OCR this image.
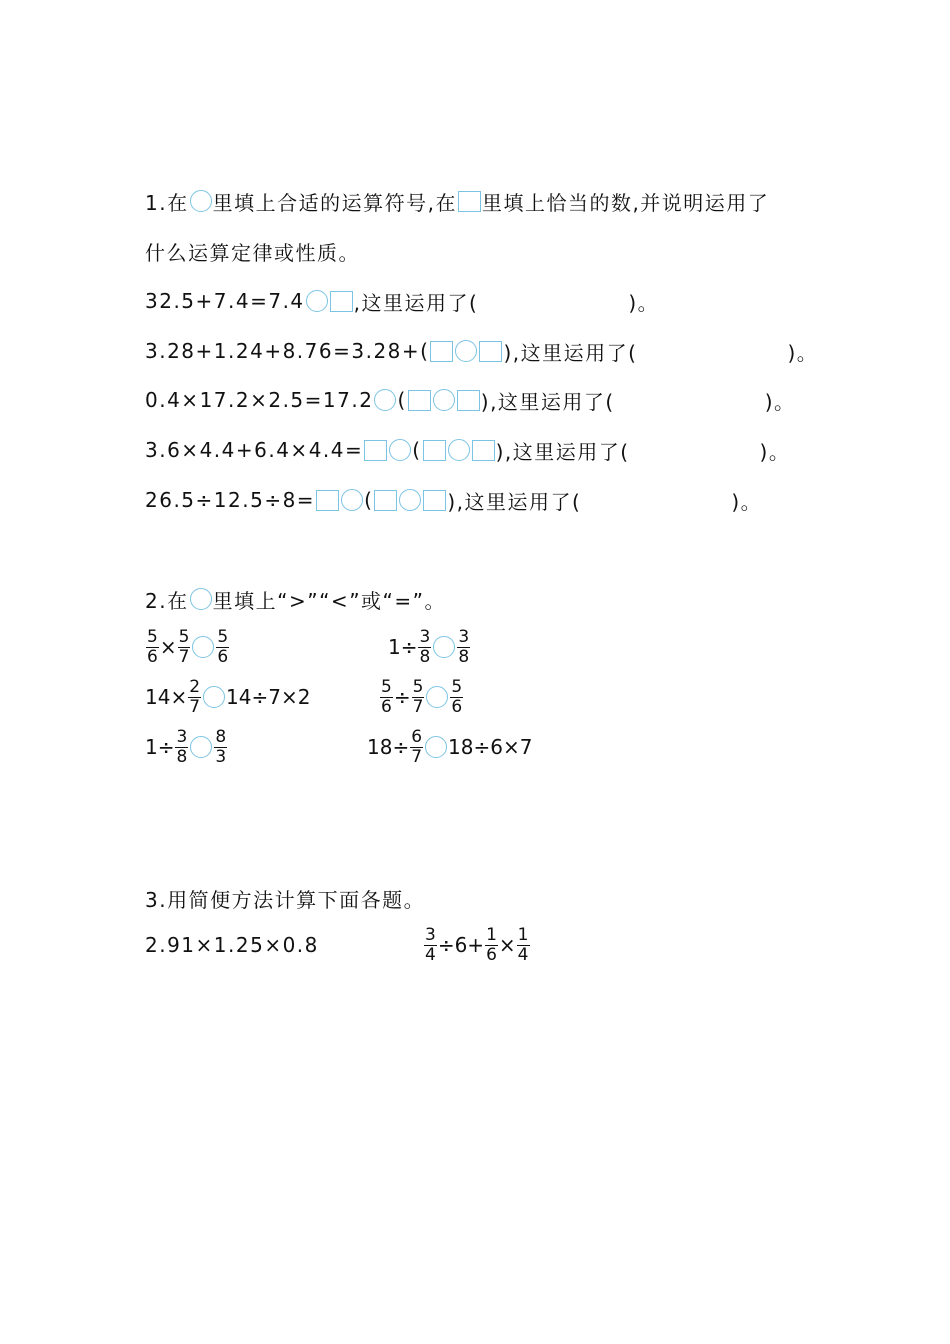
1.在 里填上合适的运算符号,在 里填上恰当的数,并说明运用了
什么运算定律或性质。
32.5+7.4=7.4 ,这里运用了(	)。
3.28+1.24+8.76=3.28+(	),这里运用了(	)。
0.4×17.2×2.5=17.2 (	),这里运用了(	)。
3.6×4.4+6.4×4.4= (	),这里运用了(	)。
26.5÷12.5÷8= (	),这里运用了(	)。
2.在 里填上“>”“<”或“=”。
$\frac{5}{6} \times \frac{5}{7} \frac{5}{6}$	$1\div \frac{3}{8} \frac{3}{8}$
$14\times \frac{2}{7} 14\div 7\times 2$	$\frac{5}{6} \div \frac{5}{7} \frac{5}{6}$
$1\div \frac{3}{8} \frac{8}{3}$	$18\div \frac{6}{7} 18\div 6\times 7$
3.用简便方法计算下面各题。
2.91×1.25×0.8	$\frac{3}{4} \div 6+ \frac{1}{6} \times \frac{1}{4}$
